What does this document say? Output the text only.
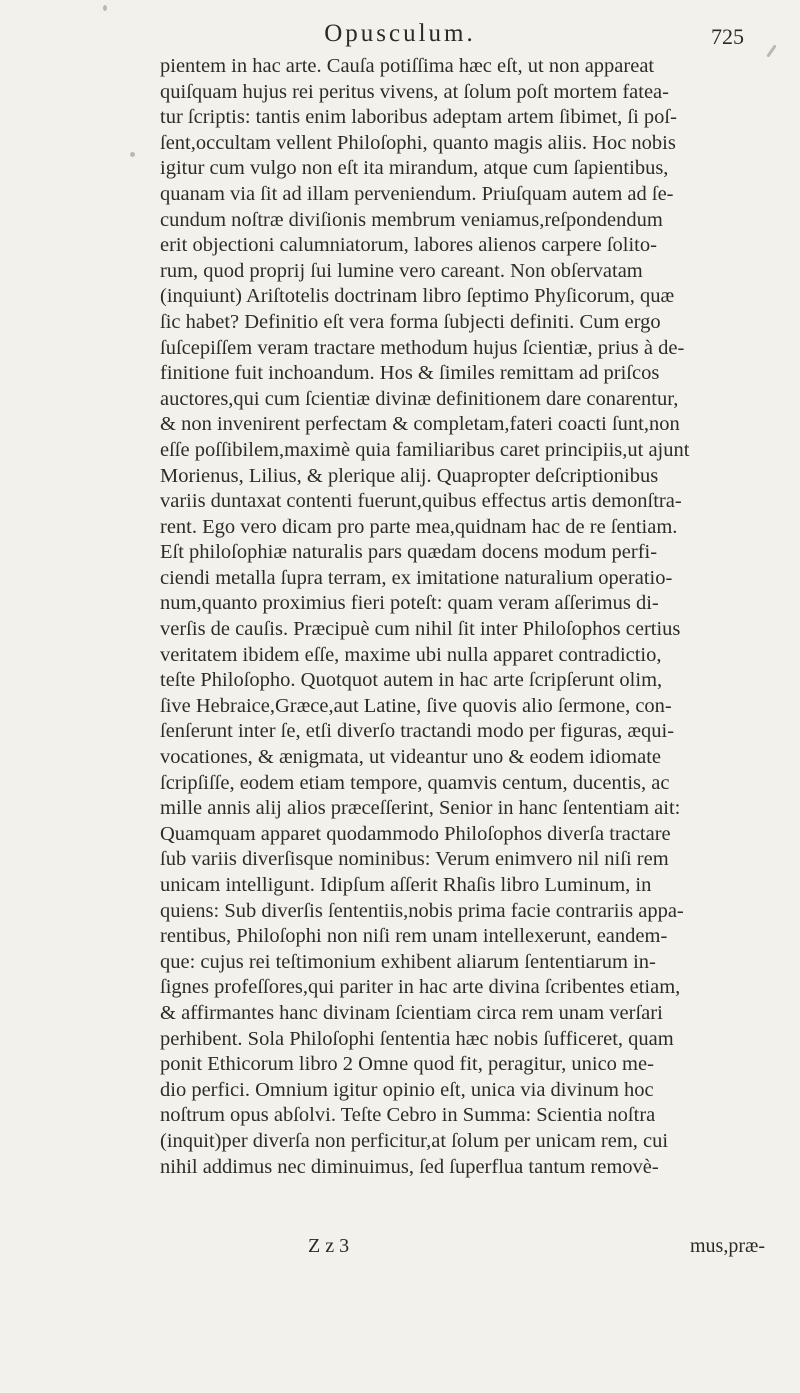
Opusculum.	725
pientem in hac arte. Cauſa potiſſima hæc eſt, ut non appareat
quiſquam hujus rei peritus vivens, at ſolum poſt mortem fatea-
tur ſcriptis: tantis enim laboribus adeptam artem ſibimet, ſi poſ-
ſent,occultam vellent Philoſophi, quanto magis aliis. Hoc nobis
igitur cum vulgo non eſt ita mirandum, atque cum ſapientibus,
quanam via ſit ad illam perveniendum. Priuſquam autem ad ſe-
cundum noſtræ diviſionis membrum veniamus,reſpondendum
erit objectioni calumniatorum, labores alienos carpere ſolito-
rum, quod proprij ſui lumine vero careant. Non obſervatam
(inquiunt) Ariſtotelis doctrinam libro ſeptimo Phyſicorum, quæ
ſic habet? Definitio eſt vera forma ſubjecti definiti. Cum ergo
ſuſcepiſſem veram tractare methodum hujus ſcientiæ, prius à de-
finitione fuit inchoandum. Hos & ſimiles remittam ad priſcos
auctores,qui cum ſcientiæ divinæ definitionem dare conarentur,
& non invenirent perfectam & completam,fateri coacti ſunt,non
eſſe poſſibilem,maximè quia familiaribus caret principiis,ut ajunt
Morienus, Lilius, & plerique alij. Quapropter deſcriptionibus
variis duntaxat contenti fuerunt,quibus effectus artis demonſtra-
rent. Ego vero dicam pro parte mea,quidnam hac de re ſentiam.
Eſt philoſophiæ naturalis pars quædam docens modum perfi-
ciendi metalla ſupra terram, ex imitatione naturalium operatio-
num,quanto proximius fieri poteſt: quam veram aſſerimus di-
verſis de cauſis. Præcipuè cum nihil ſit inter Philoſophos certius
veritatem ibidem eſſe, maxime ubi nulla apparet contradictio,
teſte Philoſopho. Quotquot autem in hac arte ſcripſerunt olim,
ſive Hebraice,Græce,aut Latine, ſive quovis alio ſermone, con-
ſenſerunt inter ſe, etſi diverſo tractandi modo per figuras, æqui-
vocationes, & ænigmata, ut videantur uno & eodem idiomate
ſcripſiſſe, eodem etiam tempore, quamvis centum, ducentis, ac
mille annis alij alios præceſſerint, Senior in hanc ſententiam ait:
Quamquam apparet quodammodo Philoſophos diverſa tractare
ſub variis diverſisque nominibus: Verum enimvero nil niſi rem
unicam intelligunt. Idipſum aſſerit Rhaſis libro Luminum, in
quiens: Sub diverſis ſententiis,nobis prima facie contrariis appa-
rentibus, Philoſophi non niſi rem unam intellexerunt, eandem-
que: cujus rei teſtimonium exhibent aliarum ſententiarum in-
ſignes profeſſores,qui pariter in hac arte divina ſcribentes etiam,
& affirmantes hanc divinam ſcientiam circa rem unam verſari
perhibent. Sola Philoſophi ſententia hæc nobis ſufficeret, quam
ponit Ethicorum libro 2 Omne quod fit, peragitur, unico me-
dio perfici. Omnium igitur opinio eſt, unica via divinum hoc
noſtrum opus abſolvi. Teſte Cebro in Summa: Scientia noſtra
(inquit)per diverſa non perficitur,at ſolum per unicam rem, cui
nihil addimus nec diminuimus, ſed ſuperflua tantum removè-
Z z 3	mus,præ-
